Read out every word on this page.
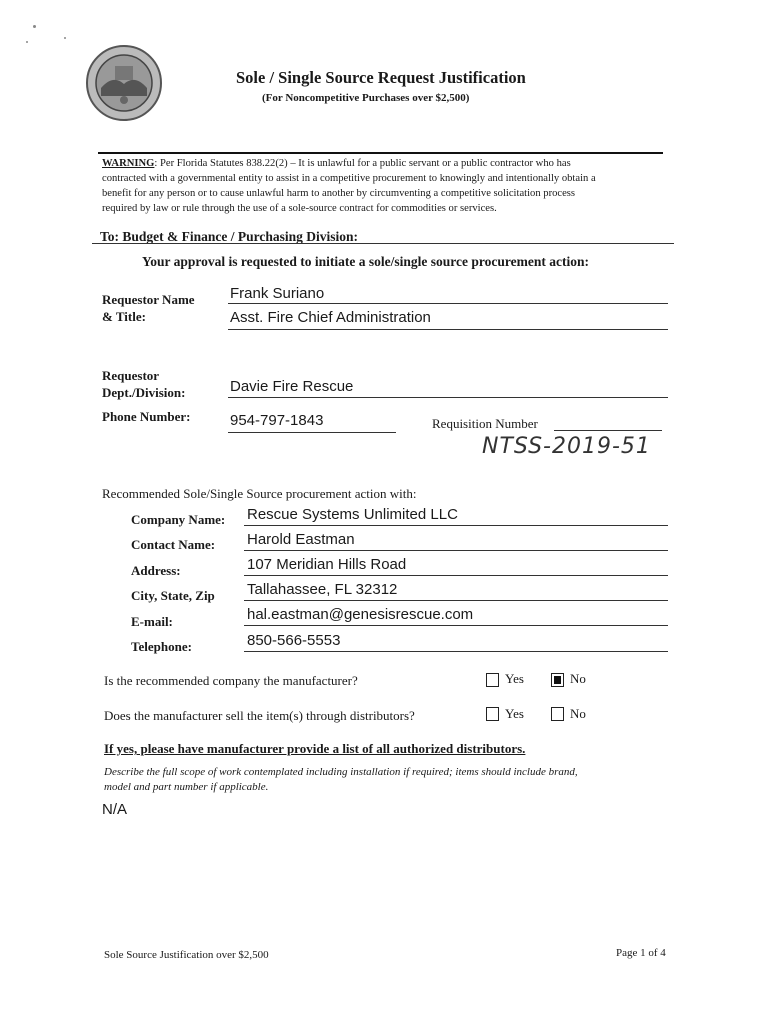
Sole / Single Source Request Justification
(For Noncompetitive Purchases over $2,500)
WARNING: Per Florida Statutes 838.22(2) – It is unlawful for a public servant or a public contractor who has
contracted with a governmental entity to assist in a competitive procurement to knowingly and intentionally obtain a
benefit for any person or to cause unlawful harm to another by circumventing a competitive solicitation process
required by law or rule through the use of a sole-source contract for commodities or services.
To: Budget & Finance / Purchasing Division:
Your approval is requested to initiate a sole/single source procurement action:
Requestor Name
& Title:
Frank Suriano
Asst. Fire Chief Administration
Requestor
Dept./Division:	Davie Fire Rescue
Phone Number:	954-797-1843	Requisition Number
NTSS-2019-51
Recommended Sole/Single Source procurement action with:
Company Name: Rescue Systems Unlimited LLC
Contact Name: Harold Eastman
Address:	107 Meridian Hills Road
City, State, Zip Tallahassee, FL 32312
E-mail:	hal.eastman@genesisrescue.com
Telephone:	850-566-5553
Is the recommended company the manufacturer?	Yes	No
Does the manufacturer sell the item(s) through distributors?	Yes	No
If yes, please have manufacturer provide a list of all authorized distributors.
Describe the full scope of work contemplated including installation if required; items should include brand,
model and part number if applicable.
N/A
Sole Source Justification over $2,500	Page 1 of 4
